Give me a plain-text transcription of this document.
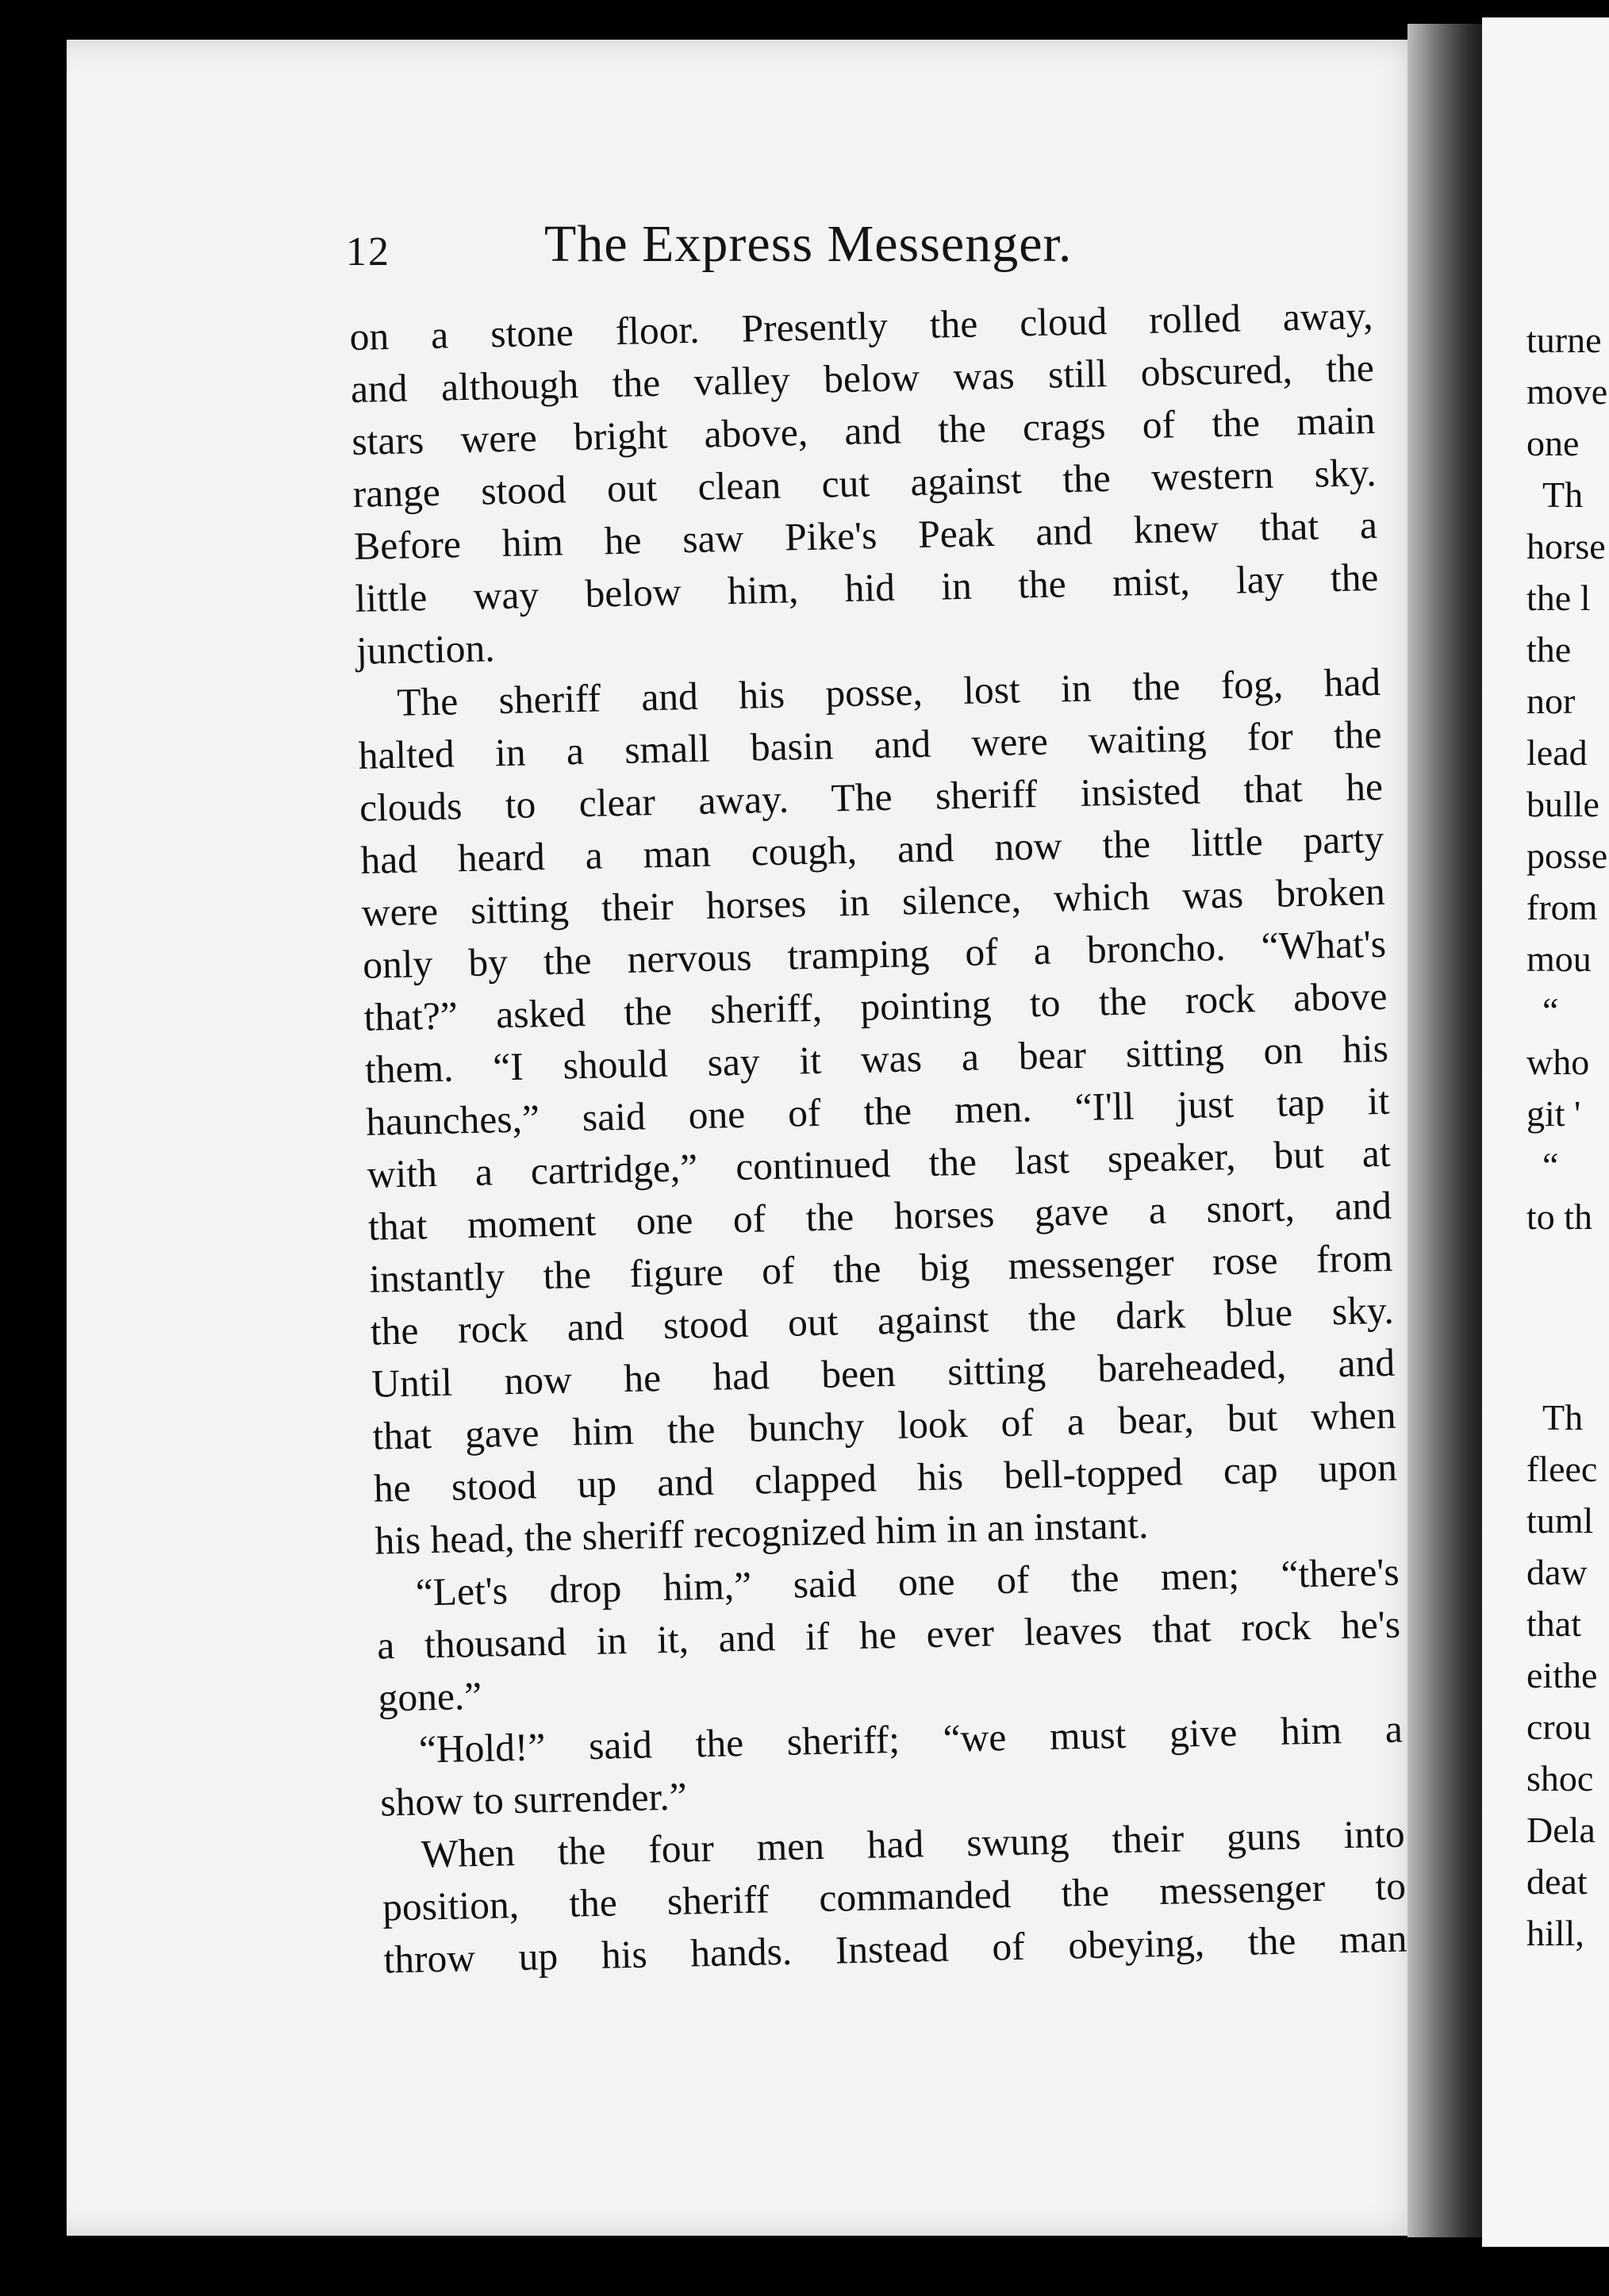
12	The Express Messenger.
on a stone floor. Presently the cloud rolled away,
and although the valley below was still obscured, the
stars were bright above, and the crags of the main
range stood out clean cut against the western sky.
Before him he saw Pike's Peak and knew that a
little way below him, hid in the mist, lay the
junction.
The sheriff and his posse, lost in the fog, had
halted in a small basin and were waiting for the
clouds to clear away. The sheriff insisted that he
had heard a man cough, and now the little party
were sitting their horses in silence, which was broken
only by the nervous tramping of a broncho. “What's
that?” asked the sheriff, pointing to the rock above
them. “I should say it was a bear sitting on his
haunches,” said one of the men. “I'll just tap it
with a cartridge,” continued the last speaker, but at
that moment one of the horses gave a snort, and
instantly the figure of the big messenger rose from
the rock and stood out against the dark blue sky.
Until now he had been sitting bareheaded, and
that gave him the bunchy look of a bear, but when
he stood up and clapped his bell-topped cap upon
his head, the sheriff recognized him in an instant.
“Let's drop him,” said one of the men; “there's
a thousand in it, and if he ever leaves that rock he's
gone.”
“Hold!” said the sheriff; “we must give him a
show to surrender.”
When the four men had swung their guns into
position, the sheriff commanded the messenger to
throw up his hands. Instead of obeying, the man
turne
move
one
Th
horse
the l
the
nor
lead
bulle
posse
from
mou
“
who
git '
“
to th
Th
fleec
tuml
daw
that
eithe
crou
shoc
Dela
deat
hill,
